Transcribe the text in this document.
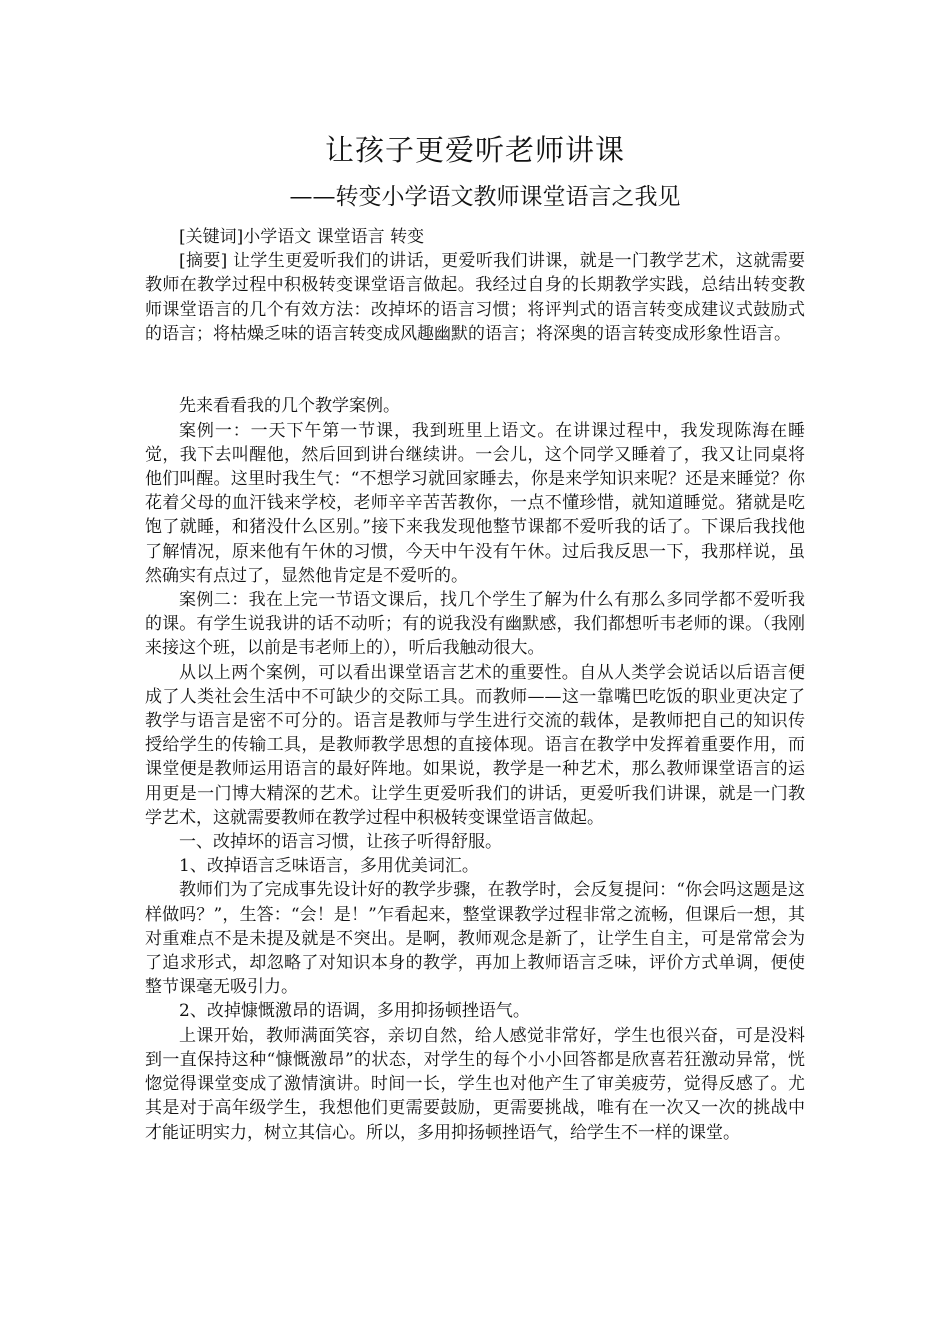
让孩子更爱听老师讲课
——转变小学语文教师课堂语言之我见

[关键词]小学语文 课堂语言 转变

[摘要] 让学生更爱听我们的讲话，更爱听我们讲课，就是一门教学艺术，这就需要教师在教学过程中积极转变课堂语言做起。我经过自身的长期教学实践，总结出转变教师课堂语言的几个有效方法：改掉坏的语言习惯；将评判式的语言转变成建议式鼓励式的语言；将枯燥乏味的语言转变成风趣幽默的语言；将深奥的语言转变成形象性语言。

先来看看我的几个教学案例。

案例一：一天下午第一节课，我到班里上语文。在讲课过程中，我发现陈海在睡觉，我下去叫醒他，然后回到讲台继续讲。一会儿，这个同学又睡着了，我又让同桌将他们叫醒。这里时我生气：“不想学习就回家睡去，你是来学知识来呢？还是来睡觉？你花着父母的血汗钱来学校，老师辛辛苦苦教你，一点不懂珍惜，就知道睡觉。猪就是吃饱了就睡，和猪没什么区别。”接下来我发现他整节课都不爱听我的话了。下课后我找他了解情况，原来他有午休的习惯，今天中午没有午休。过后我反思一下，我那样说，虽然确实有点过了，显然他肯定是不爱听的。

案例二：我在上完一节语文课后，找几个学生了解为什么有那么多同学都不爱听我的课。有学生说我讲的话不动听；有的说我没有幽默感，我们都想听韦老师的课。（我刚来接这个班，以前是韦老师上的），听后我触动很大。

从以上两个案例，可以看出课堂语言艺术的重要性。自从人类学会说话以后语言便成了人类社会生活中不可缺少的交际工具。而教师——这一靠嘴巴吃饭的职业更决定了教学与语言是密不可分的。语言是教师与学生进行交流的载体，是教师把自己的知识传授给学生的传输工具，是教师教学思想的直接体现。语言在教学中发挥着重要作用，而课堂便是教师运用语言的最好阵地。如果说，教学是一种艺术，那么教师课堂语言的运用更是一门博大精深的艺术。让学生更爱听我们的讲话，更爱听我们讲课，就是一门教学艺术，这就需要教师在教学过程中积极转变课堂语言做起。

一、改掉坏的语言习惯，让孩子听得舒服。

1、改掉语言乏味语言，多用优美词汇。

教师们为了完成事先设计好的教学步骤，在教学时，会反复提问：“你会吗这题是这样做吗？”，生答：“会！是！”乍看起来，整堂课教学过程非常之流畅，但课后一想，其对重难点不是未提及就是不突出。是啊，教师观念是新了，让学生自主，可是常常会为了追求形式，却忽略了对知识本身的教学，再加上教师语言乏味，评价方式单调，便使整节课毫无吸引力。

2、改掉慷慨激昂的语调，多用抑扬顿挫语气。

上课开始，教师满面笑容，亲切自然，给人感觉非常好，学生也很兴奋，可是没料到一直保持这种“慷慨激昂”的状态，对学生的每个小小回答都是欣喜若狂激动异常，恍惚觉得课堂变成了激情演讲。时间一长，学生也对他产生了审美疲劳，觉得反感了。尤其是对于高年级学生，我想他们更需要鼓励，更需要挑战，唯有在一次又一次的挑战中才能证明实力，树立其信心。所以，多用抑扬顿挫语气，给学生不一样的课堂。
